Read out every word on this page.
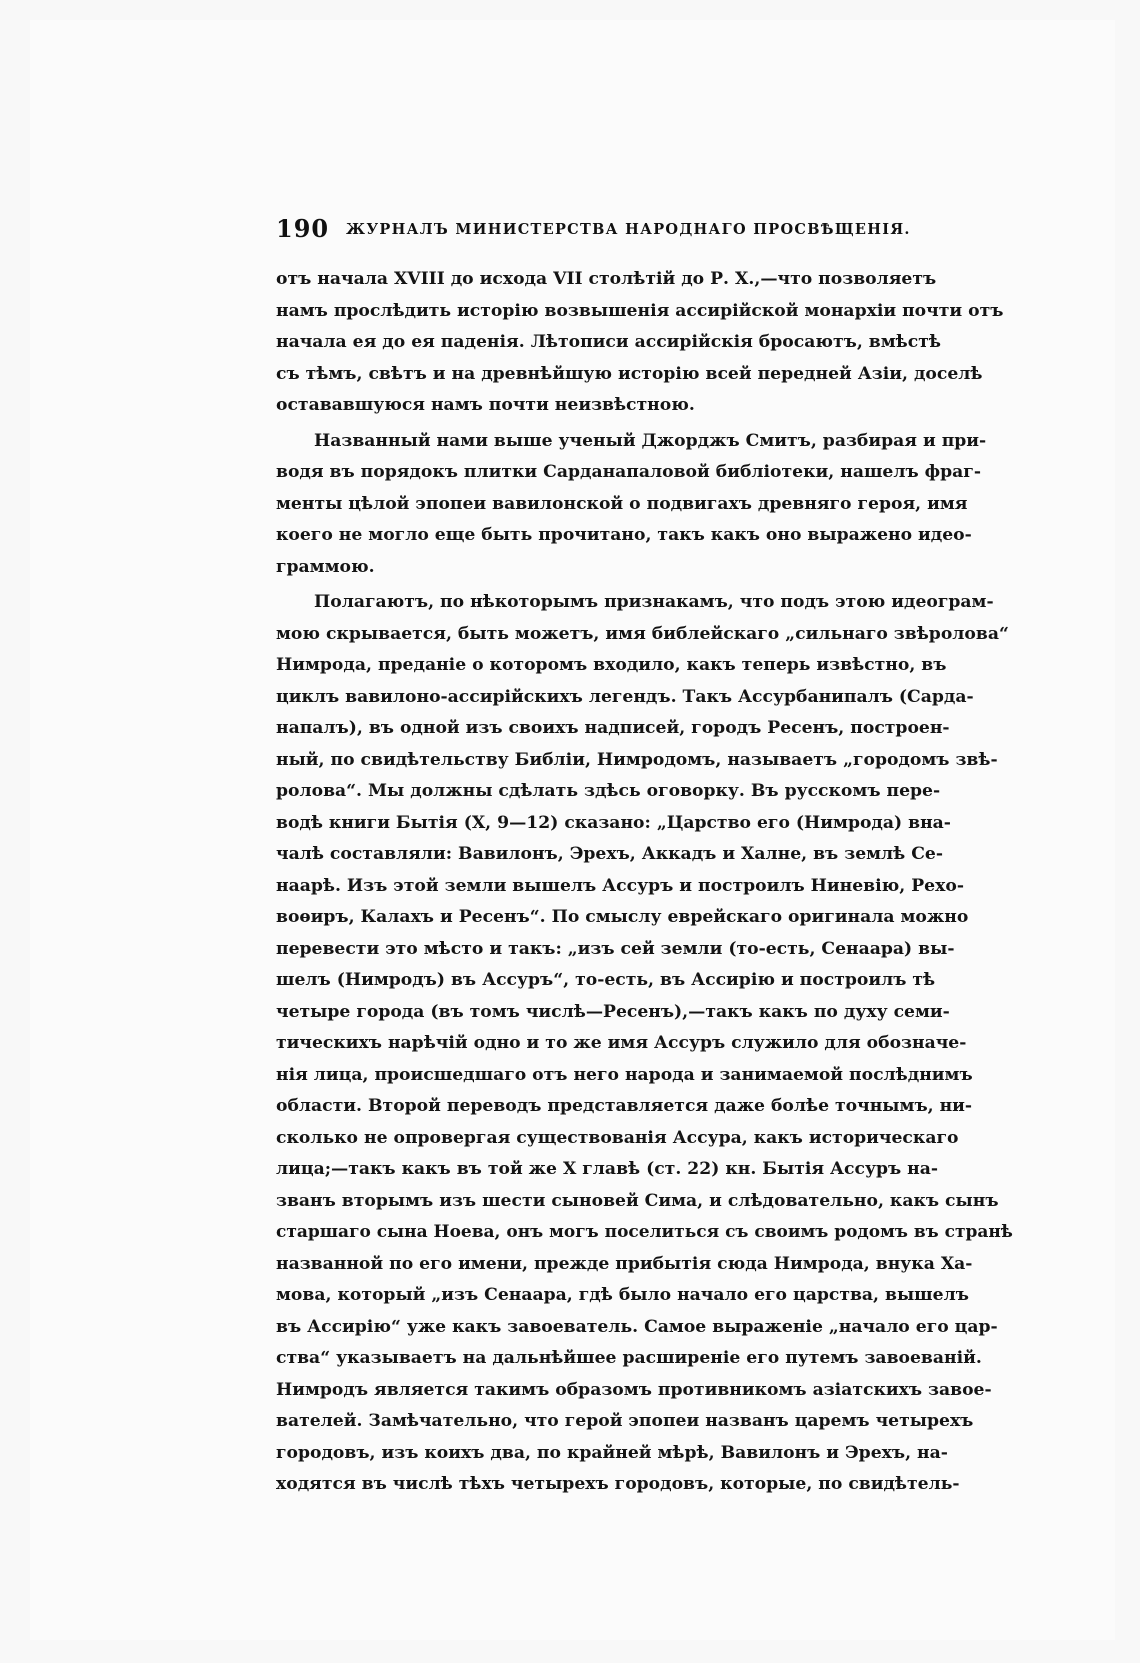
190 ЖУРНАЛЪ МИНИСТЕРСТВА НАРОДНАГО ПРОСВѢЩЕНІЯ.
отъ начала XVIII до исхода VII столѣтій до Р. Х.,—что позволяетъ
намъ прослѣдить исторію возвышенія ассирійской монархіи почти отъ
начала ея до ея паденія. Лѣтописи ассирійскія бросаютъ, вмѣстѣ
съ тѣмъ, свѣтъ и на древнѣйшую исторію всей передней Азіи, доселѣ
остававшуюся намъ почти неизвѣстною.
Названный нами выше ученый Джорджъ Смитъ, разбирая и при-
водя въ порядокъ плитки Сарданапаловой библіотеки, нашелъ фраг-
менты цѣлой эпопеи вавилонской о подвигахъ древняго героя, имя
коего не могло еще быть прочитано, такъ какъ оно выражено идео-
граммою.
Полагаютъ, по нѣкоторымъ признакамъ, что подъ этою идеограм-
мою скрывается, быть можетъ, имя библейскаго „сильнаго звѣролова“
Нимрода, преданіе о которомъ входило, какъ теперь извѣстно, въ
циклъ вавилоно-ассирійскихъ легендъ. Такъ Ассурбанипалъ (Сарда-
напалъ), въ одной изъ своихъ надписей, городъ Ресенъ, построен-
ный, по свидѣтельству Библіи, Нимродомъ, называетъ „городомъ звѣ-
ролова“. Мы должны сдѣлать здѣсь оговорку. Въ русскомъ пере-
водѣ книги Бытія (X, 9—12) сказано: „Царство его (Нимрода) вна-
чалѣ составляли: Вавилонъ, Эрехъ, Аккадъ и Халне, въ землѣ Се-
наарѣ. Изъ этой земли вышелъ Ассуръ и построилъ Ниневію, Рехо-
воѳиръ, Калахъ и Ресенъ“. По смыслу еврейскаго оригинала можно
перевести это мѣсто и такъ: „изъ сей земли (то-есть, Сенаара) вы-
шелъ (Нимродъ) въ Ассуръ“, то-есть, въ Ассирію и построилъ тѣ
четыре города (въ томъ числѣ—Ресенъ),—такъ какъ по духу семи-
тическихъ нарѣчій одно и то же имя Ассуръ служило для обозначе-
нія лица, происшедшаго отъ него народа и занимаемой послѣднимъ
области. Второй переводъ представляется даже болѣе точнымъ, ни-
сколько не опровергая существованія Ассура, какъ историческаго
лица;—такъ какъ въ той же X главѣ (ст. 22) кн. Бытія Ассуръ на-
званъ вторымъ изъ шести сыновей Сима, и слѣдовательно, какъ сынъ
старшаго сына Ноева, онъ могъ поселиться съ своимъ родомъ въ странѣ
названной по его имени, прежде прибытія сюда Нимрода, внука Ха-
мова, который „изъ Сенаара, гдѣ было начало его царства, вышелъ
въ Ассирію“ уже какъ завоеватель. Самое выраженіе „начало его цар-
ства“ указываетъ на дальнѣйшее расширеніе его путемъ завоеваній.
Нимродъ является такимъ образомъ противникомъ азіатскихъ завое-
вателей. Замѣчательно, что герой эпопеи названъ царемъ четырехъ
городовъ, изъ коихъ два, по крайней мѣрѣ, Вавилонъ и Эрехъ, на-
ходятся въ числѣ тѣхъ четырехъ городовъ, которые, по свидѣтель-
